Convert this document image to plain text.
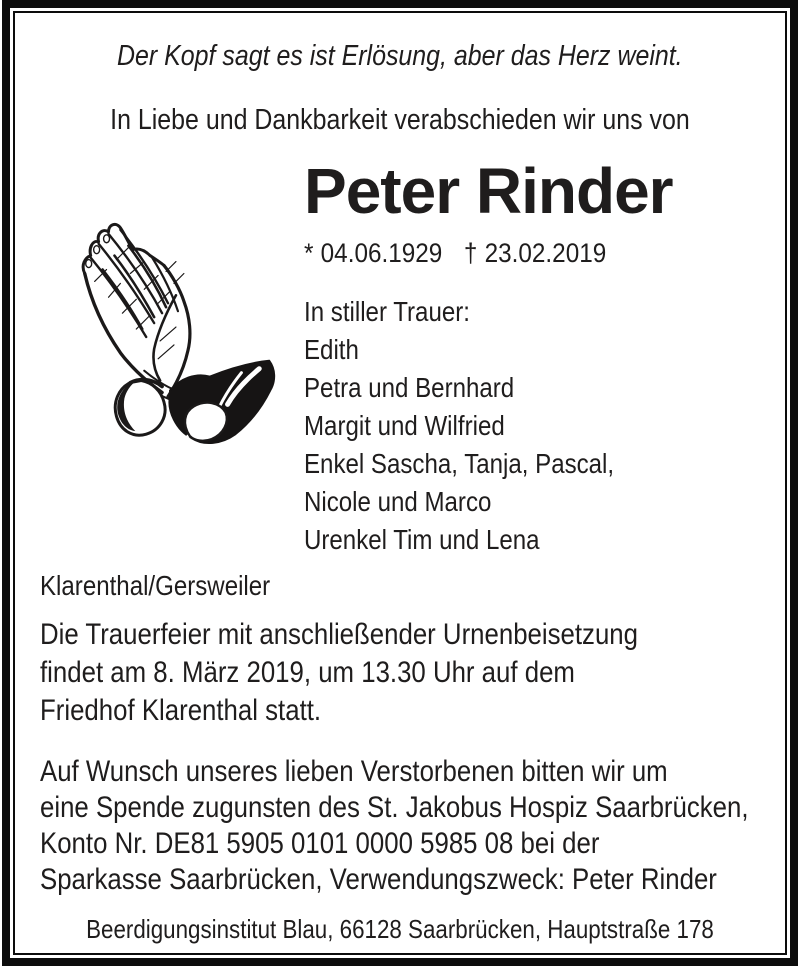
Der Kopf sagt es ist Erlösung, aber das Herz weint.
In Liebe und Dankbarkeit verabschieden wir uns von
Peter Rinder
* 04.06.1929 † 23.02.2019
In stiller Trauer:
Edith
Petra und Bernhard
Margit und Wilfried
Enkel Sascha, Tanja, Pascal,
Nicole und Marco
Urenkel Tim und Lena
Klarenthal/Gersweiler
Die Trauerfeier mit anschließender Urnenbeisetzung
findet am 8. März 2019, um 13.30 Uhr auf dem
Friedhof Klarenthal statt.
Auf Wunsch unseres lieben Verstorbenen bitten wir um
eine Spende zugunsten des St. Jakobus Hospiz Saarbrücken,
Konto Nr. DE81 5905 0101 0000 5985 08 bei der
Sparkasse Saarbrücken, Verwendungszweck: Peter Rinder
Beerdigungsinstitut Blau, 66128 Saarbrücken, Hauptstraße 178
